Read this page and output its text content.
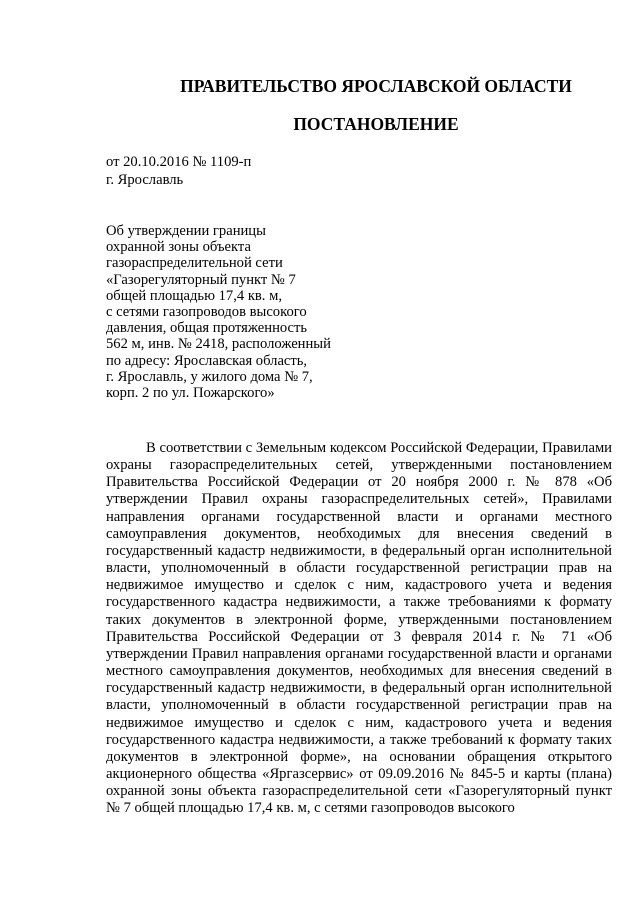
ПРАВИТЕЛЬСТВО ЯРОСЛАВСКОЙ ОБЛАСТИ
ПОСТАНОВЛЕНИЕ
от 20.10.2016 № 1109-п
г. Ярославль
Об утверждении границы
охранной зоны объекта
газораспределительной сети
«Газорегуляторный пункт № 7
общей площадью 17,4 кв. м,
с сетями газопроводов высокого
давления, общая протяженность
562 м, инв. № 2418, расположенный
по адресу: Ярославская область,
г. Ярославль, у жилого дома № 7,
корп. 2 по ул. Пожарского»

В соответствии с Земельным кодексом Российской Федерации, Правилами охраны газораспределительных сетей, утвержденными постановлением Правительства Российской Федерации от 20 ноября 2000 г. № 878 «Об утверждении Правил охраны газораспределительных сетей», Правилами направления органами государственной власти и органами местного самоуправления документов, необходимых для внесения сведений в государственный кадастр недвижимости, в федеральный орган исполнительной власти, уполномоченный в области государственной регистрации прав на недвижимое имущество и сделок с ним, кадастрового учета и ведения государственного кадастра недвижимости, а также требованиями к формату таких документов в электронной форме, утвержденными постановлением Правительства Российской Федерации от 3 февраля 2014 г. № 71 «Об утверждении Правил направления органами государственной власти и органами местного самоуправления документов, необходимых для внесения сведений в государственный кадастр недвижимости, в федеральный орган исполнительной власти, уполномоченный в области государственной регистрации прав на недвижимое имущество и сделок с ним, кадастрового учета и ведения государственного кадастра недвижимости, а также требований к формату таких документов в электронной форме», на основании обращения открытого акционерного общества «Яргазсервис» от 09.09.2016 № 845-5 и карты (плана) охранной зоны объекта газораспределительной сети «Газорегуляторный пункт № 7 общей площадью 17,4 кв. м, с сетями газопроводов высокого
